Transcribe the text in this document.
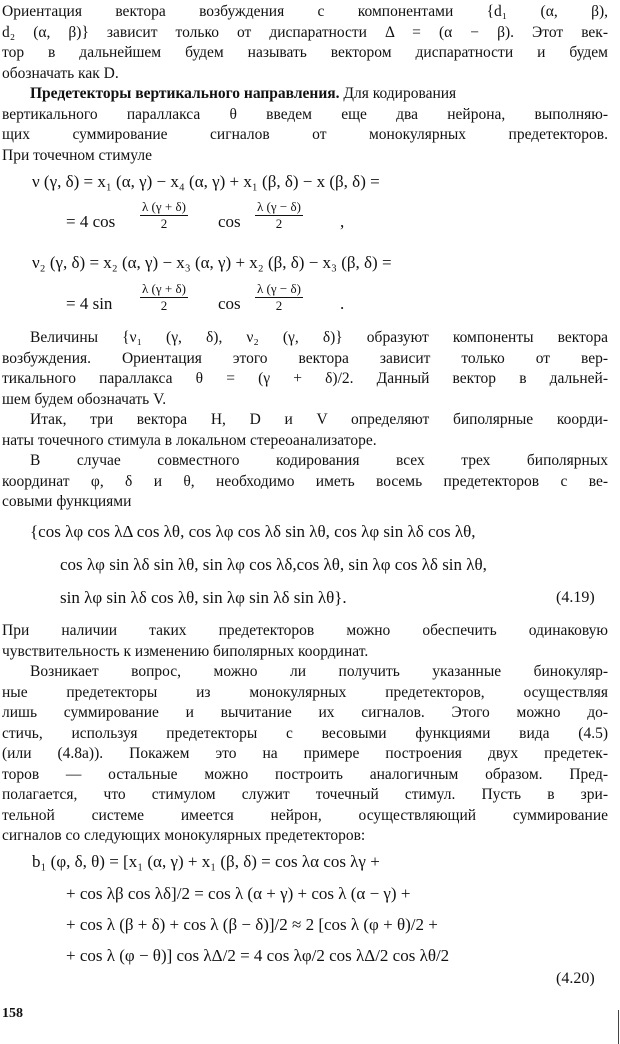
Ориентация вектора возбуждения с компонентами {d₁ (α, β),
d₂ (α, β)} зависит только от диспаратности Δ = (α − β). Этот век-
тор в дальнейшем будем называть вектором диспаратности и будем
обозначать как D.
Предетекторы вертикального направления. Для кодирования
вертикального параллакса θ введем еще два нейрона, выполняю-
щих суммирование сигналов от монокулярных предетекторов.
При точечном стимуле
ν (γ, δ) = x₁ (α, γ) − x₄ (α, γ) + x₁ (β, δ) − x (β, δ) =
= 4 $\cos \frac{\lambda (\gamma + \delta)}{2}$ $\cos \frac{\lambda (\gamma - \delta)}{2}$ ,
ν₂ (γ, δ) = x₂ (α, γ) − x₃ (α, γ) + x₂ (β, δ) − x₃ (β, δ) =
= 4 $\sin \frac{\lambda (\gamma + \delta)}{2}$ $\cos \frac{\lambda (\gamma - \delta)}{2}$ .
Величины {ν₁ (γ, δ), ν₂ (γ, δ)} образуют компоненты вектора
возбуждения. Ориентация этого вектора зависит только от вер-
тикального параллакса θ = (γ + δ)/2. Данный вектор в дальней-
шем будем обозначать V.
Итак, три вектора H, D и V определяют биполярные коорди-
наты точечного стимула в локальном стереоанализаторе.
В случае совместного кодирования всех трех биполярных
координат φ, δ и θ, необходимо иметь восемь предетекторов с ве-
совыми функциями
{cos λφ cos λΔ cos λθ, cos λφ cos λδ sin λθ, cos λφ sin λδ cos λθ,
cos λφ sin λδ sin λθ, sin λφ cos λδ,cos λθ, sin λφ cos λδ sin λθ,
sin λφ sin λδ cos λθ, sin λφ sin λδ sin λθ}.	(4.19)
При наличии таких предетекторов можно обеспечить одинаковую
чувствительность к изменению биполярных координат.
Возникает вопрос, можно ли получить указанные бинокуляр-
ные предетекторы из монокулярных предетекторов, осуществляя
лишь суммирование и вычитание их сигналов. Этого можно до-
стичь, используя предетекторы с весовыми функциями вида (4.5)
(или (4.8а)). Покажем это на примере построения двух предетек-
торов — остальные можно построить аналогичным образом. Пред-
полагается, что стимулом служит точечный стимул. Пусть в зри-
тельной системе имеется нейрон, осуществляющий суммирование
сигналов со следующих монокулярных предетекторов:
b₁ (φ, δ, θ) = [x₁ (α, γ) + x₁ (β, δ) = cos λα cos λγ +
+ cos λβ cos λδ]/2 = cos λ (α + γ) + cos λ (α − γ) +
+ cos λ (β + δ) + cos λ (β − δ)]/2 ≈ 2 [cos λ (φ + θ)/2 +
+ cos λ (φ − θ)] cos λΔ/2 = 4 cos λφ/2 cos λΔ/2 cos λθ/2
(4.20)
158
